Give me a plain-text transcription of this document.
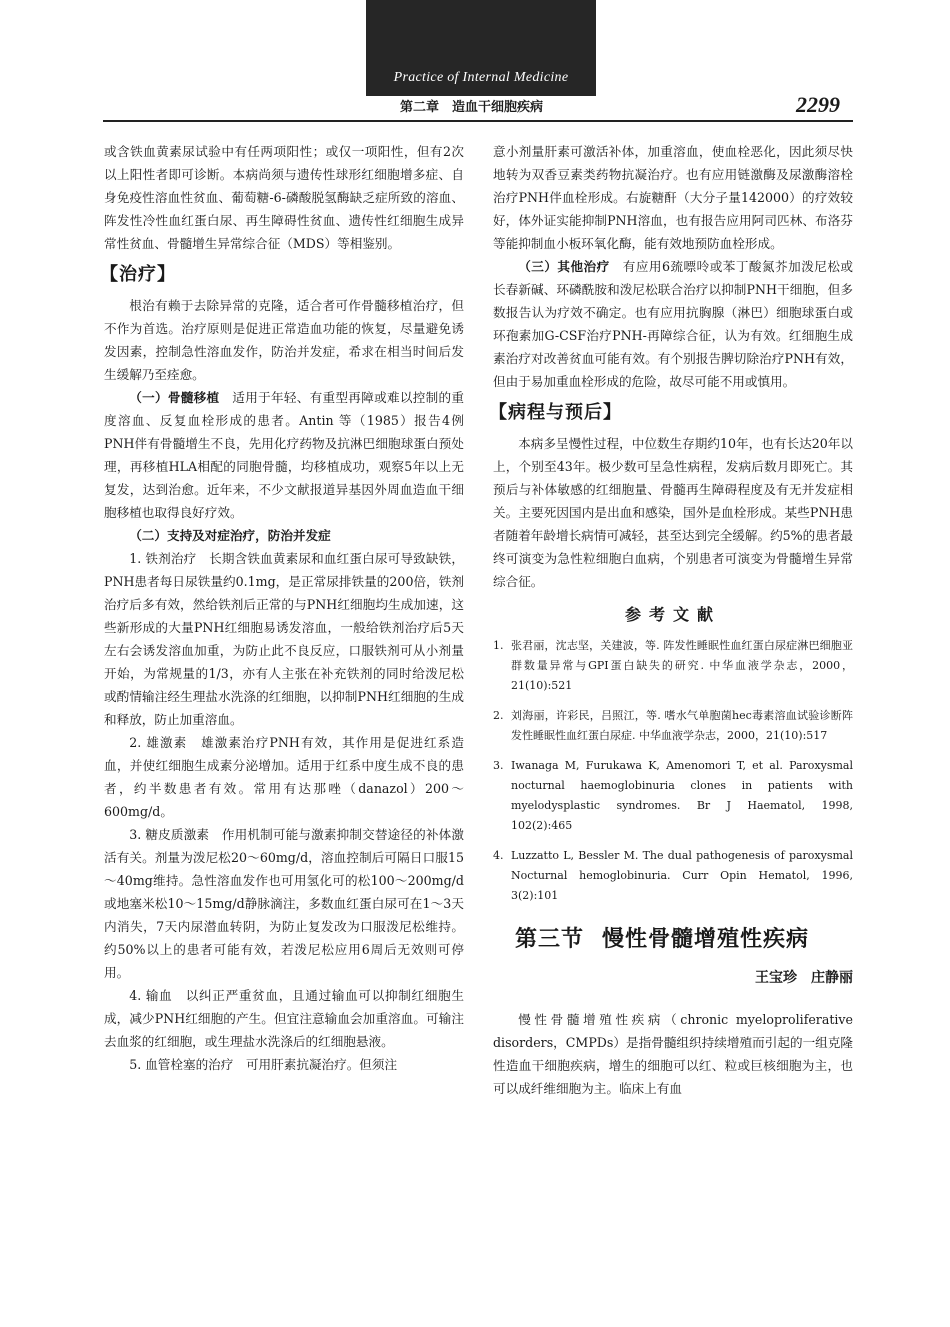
Practice of Internal Medicine
第二章　造血干细胞疾病	2299

或含铁血黄素尿试验中有任两项阳性；或仅一项阳性，但有2次以上阳性者即可诊断。本病尚须与遗传性球形红细胞增多症、自身免疫性溶血性贫血、葡萄糖-6-磷酸脱氢酶缺乏症所致的溶血、阵发性冷性血红蛋白尿、再生障碍性贫血、遗传性红细胞生成异常性贫血、骨髓增生异常综合征（MDS）等相鉴别。

【治疗】

根治有赖于去除异常的克隆，适合者可作骨髓移植治疗，但不作为首选。治疗原则是促进正常造血功能的恢复，尽量避免诱发因素，控制急性溶血发作，防治并发症，希求在相当时间后发生缓解乃至痊愈。

（一）骨髓移植　适用于年轻、有重型再障或难以控制的重度溶血、反复血栓形成的患者。Antin 等（1985）报告4例PNH伴有骨髓增生不良，先用化疗药物及抗淋巴细胞球蛋白预处理，再移植HLA相配的同胞骨髓，均移植成功，观察5年以上无复发，达到治愈。近年来，不少文献报道异基因外周血造血干细胞移植也取得良好疗效。

（二）支持及对症治疗，防治并发症

1. 铁剂治疗　长期含铁血黄素尿和血红蛋白尿可导致缺铁，PNH患者每日尿铁量约0.1mg，是正常尿排铁量的200倍，铁剂治疗后多有效，然给铁剂后正常的与PNH红细胞均生成加速，这些新形成的大量PNH红细胞易诱发溶血，一般给铁剂治疗后5天左右会诱发溶血加重，为防止此不良反应，口服铁剂可从小剂量开始，为常规量的1/3，亦有人主张在补充铁剂的同时给泼尼松或酌情输注经生理盐水洗涤的红细胞，以抑制PNH红细胞的生成和释放，防止加重溶血。

2. 雄激素　雄激素治疗PNH有效，其作用是促进红系造血，并使红细胞生成素分泌增加。适用于红系中度生成不良的患者，约半数患者有效。常用有达那唑（danazol）200～600mg/d。

3. 糖皮质激素　作用机制可能与激素抑制交替途径的补体激活有关。剂量为泼尼松20～60mg/d，溶血控制后可隔日口服15～40mg维持。急性溶血发作也可用氢化可的松100～200mg/d或地塞米松10～15mg/d静脉滴注，多数血红蛋白尿可在1～3天内消失，7天内尿潜血转阴，为防止复发改为口服泼尼松维持。约50%以上的患者可能有效，若泼尼松应用6周后无效则可停用。

4. 输血　以纠正严重贫血，且通过输血可以抑制红细胞生成，减少PNH红细胞的产生。但宜注意输血会加重溶血。可输注去血浆的红细胞，或生理盐水洗涤后的红细胞悬液。

5. 血管栓塞的治疗　可用肝素抗凝治疗。但须注

意小剂量肝素可激活补体，加重溶血，使血栓恶化，因此须尽快地转为双香豆素类药物抗凝治疗。也有应用链激酶及尿激酶溶栓治疗PNH伴血栓形成。右旋糖酐（大分子量142000）的疗效较好，体外证实能抑制PNH溶血，也有报告应用阿司匹林、布洛芬等能抑制血小板环氧化酶，能有效地预防血栓形成。

（三）其他治疗　有应用6巯嘌呤或苯丁酸氮芥加泼尼松或长春新碱、环磷酰胺和泼尼松联合治疗以抑制PNH干细胞，但多数报告认为疗效不确定。也有应用抗胸腺（淋巴）细胞球蛋白或环孢素加G-CSF治疗PNH-再障综合征，认为有效。红细胞生成素治疗对改善贫血可能有效。有个别报告脾切除治疗PNH有效，但由于易加重血栓形成的危险，故尽可能不用或慎用。

【病程与预后】

本病多呈慢性过程，中位数生存期约10年，也有长达20年以上，个别至43年。极少数可呈急性病程，发病后数月即死亡。其预后与补体敏感的红细胞量、骨髓再生障碍程度及有无并发症相关。主要死因国内是出血和感染，国外是血栓形成。某些PNH患者随着年龄增长病情可减轻，甚至达到完全缓解。约5%的患者最终可演变为急性粒细胞白血病，个别患者可演变为骨髓增生异常综合征。

参考文献
1. 张君丽，沈志坚，关建波，等. 阵发性睡眠性血红蛋白尿症淋巴细胞亚群数量异常与GPI蛋白缺失的研究. 中华血液学杂志，2000，21(10):521
2. 刘海丽，许彩民，吕照江，等. 嗜水气单胞菌hec毒素溶血试验诊断阵发性睡眠性血红蛋白尿症. 中华血液学杂志，2000，21(10):517
3. Iwanaga M, Furukawa K, Amenomori T, et al. Paroxysmal nocturnal haemoglobinuria clones in patients with myelodysplastic syndromes. Br J Haematol, 1998, 102(2):465
4. Luzzatto L, Bessler M. The dual pathogenesis of paroxysmal Nocturnal hemoglobinuria. Curr Opin Hematol, 1996, 3(2):101
第三节 慢性骨髓增殖性疾病
王宝珍　庄静丽

慢性骨髓增殖性疾病（chronic myeloproliferative disorders，CMPDs）是指骨髓组织持续增殖而引起的一组克隆性造血干细胞疾病，增生的细胞可以红、粒或巨核细胞为主，也可以成纤维细胞为主。临床上有血
